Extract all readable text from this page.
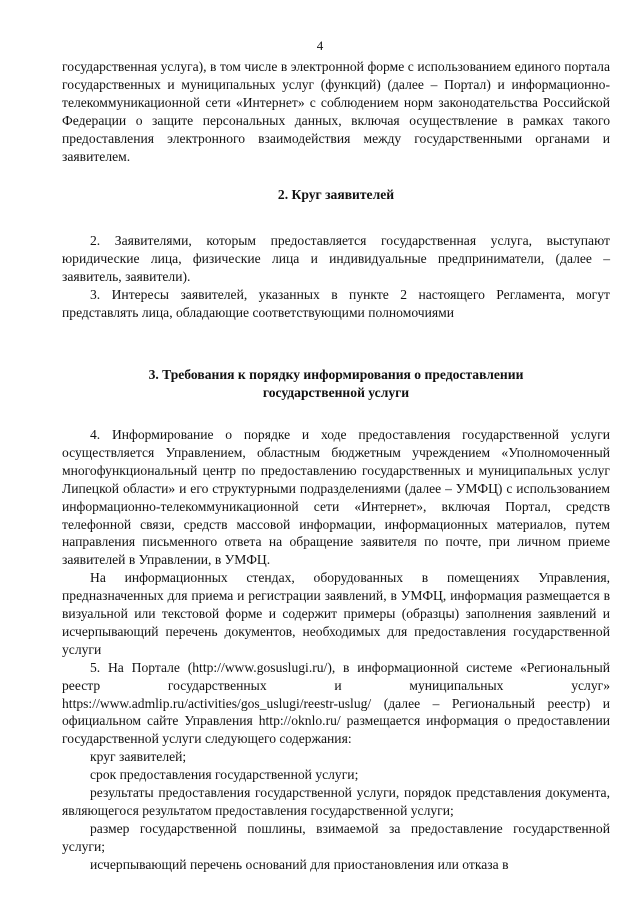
4

государственная услуга), в том числе в электронной форме с использованием единого портала государственных и муниципальных услуг (функций) (далее – Портал) и информационно-телекоммуникационной сети «Интернет» с соблюдением норм законодательства Российской Федерации о защите персональных данных, включая осуществление в рамках такого предоставления электронного взаимодействия между государственными органами и заявителем.

2. Круг заявителей

2. Заявителями, которым предоставляется государственная услуга, выступают юридические лица, физические лица и индивидуальные предприниматели, (далее – заявитель, заявители).

3. Интересы заявителей, указанных в пункте 2 настоящего Регламента, могут представлять лица, обладающие соответствующими полномочиями

3. Требования к порядку информирования о предоставлении

государственной услуги

4. Информирование о порядке и ходе предоставления государственной услуги осуществляется Управлением, областным бюджетным учреждением «Уполномоченный многофункциональный центр по предоставлению государственных и муниципальных услуг Липецкой области» и его структурными подразделениями (далее – УМФЦ) с использованием информационно-телекоммуникационной сети «Интернет», включая Портал, средств телефонной связи, средств массовой информации, информационных материалов, путем направления письменного ответа на обращение заявителя по почте, при личном приеме заявителей в Управлении, в УМФЦ.

На информационных стендах, оборудованных в помещениях Управления, предназначенных для приема и регистрации заявлений, в УМФЦ, информация размещается в визуальной или текстовой форме и содержит примеры (образцы) заполнения заявлений и исчерпывающий перечень документов, необходимых для предоставления государственной услуги

5. На Портале (http://www.gosuslugi.ru/), в информационной системе «Региональный реестр государственных и муниципальных услуг» https://www.admlip.ru/activities/gos_uslugi/reestr-uslug/ (далее – Региональный реестр) и официальном сайте Управления http://oknlo.ru/ размещается информация о предоставлении государственной услуги следующего содержания:

круг заявителей;

срок предоставления государственной услуги;

результаты предоставления государственной услуги, порядок представления документа, являющегося результатом предоставления государственной услуги;

размер государственной пошлины, взимаемой за предоставление государственной услуги;

исчерпывающий перечень оснований для приостановления или отказа в
